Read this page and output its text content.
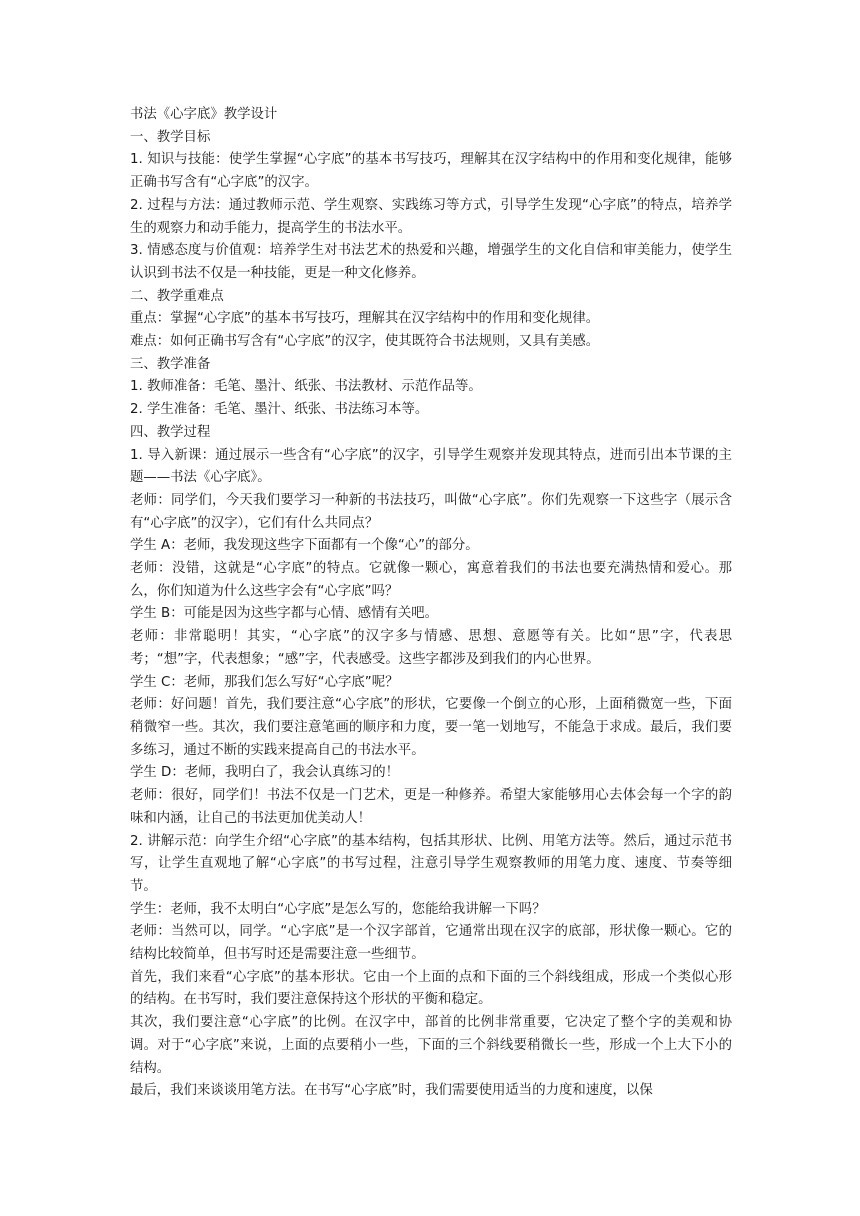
书法《心字底》教学设计

一、教学目标

1. 知识与技能：使学生掌握“心字底”的基本书写技巧，理解其在汉字结构中的作用和变化规律，能够正确书写含有“心字底”的汉字。

2. 过程与方法：通过教师示范、学生观察、实践练习等方式，引导学生发现“心字底”的特点，培养学生的观察力和动手能力，提高学生的书法水平。

3. 情感态度与价值观：培养学生对书法艺术的热爱和兴趣，增强学生的文化自信和审美能力，使学生认识到书法不仅是一种技能，更是一种文化修养。

二、教学重难点

重点：掌握“心字底”的基本书写技巧，理解其在汉字结构中的作用和变化规律。

难点：如何正确书写含有“心字底”的汉字，使其既符合书法规则，又具有美感。

三、教学准备

1. 教师准备：毛笔、墨汁、纸张、书法教材、示范作品等。

2. 学生准备：毛笔、墨汁、纸张、书法练习本等。

四、教学过程

1. 导入新课：通过展示一些含有“心字底”的汉字，引导学生观察并发现其特点，进而引出本节课的主题——书法《心字底》。

老师：同学们，今天我们要学习一种新的书法技巧，叫做“心字底”。你们先观察一下这些字（展示含有“心字底”的汉字），它们有什么共同点？

学生 A：老师，我发现这些字下面都有一个像“心”的部分。

老师：没错，这就是“心字底”的特点。它就像一颗心，寓意着我们的书法也要充满热情和爱心。那么，你们知道为什么这些字会有“心字底”吗？

学生 B：可能是因为这些字都与心情、感情有关吧。

老师：非常聪明！其实，“心字底”的汉字多与情感、思想、意愿等有关。比如“思”字，代表思考；“想”字，代表想象；“感”字，代表感受。这些字都涉及到我们的内心世界。

学生 C：老师，那我们怎么写好“心字底”呢？

老师：好问题！首先，我们要注意“心字底”的形状，它要像一个倒立的心形，上面稍微宽一些，下面稍微窄一些。其次，我们要注意笔画的顺序和力度，要一笔一划地写，不能急于求成。最后，我们要多练习，通过不断的实践来提高自己的书法水平。

学生 D：老师，我明白了，我会认真练习的！

老师：很好，同学们！书法不仅是一门艺术，更是一种修养。希望大家能够用心去体会每一个字的韵味和内涵，让自己的书法更加优美动人！

2. 讲解示范：向学生介绍“心字底”的基本结构，包括其形状、比例、用笔方法等。然后，通过示范书写，让学生直观地了解“心字底”的书写过程，注意引导学生观察教师的用笔力度、速度、节奏等细节。

学生：老师，我不太明白“心字底”是怎么写的，您能给我讲解一下吗？

老师：当然可以，同学。“心字底”是一个汉字部首，它通常出现在汉字的底部，形状像一颗心。它的结构比较简单，但书写时还是需要注意一些细节。

首先，我们来看“心字底”的基本形状。它由一个上面的点和下面的三个斜线组成，形成一个类似心形的结构。在书写时，我们要注意保持这个形状的平衡和稳定。

其次，我们要注意“心字底”的比例。在汉字中，部首的比例非常重要，它决定了整个字的美观和协调。对于“心字底”来说，上面的点要稍小一些，下面的三个斜线要稍微长一些，形成一个上大下小的结构。

最后，我们来谈谈用笔方法。在书写“心字底”时，我们需要使用适当的力度和速度，以保
